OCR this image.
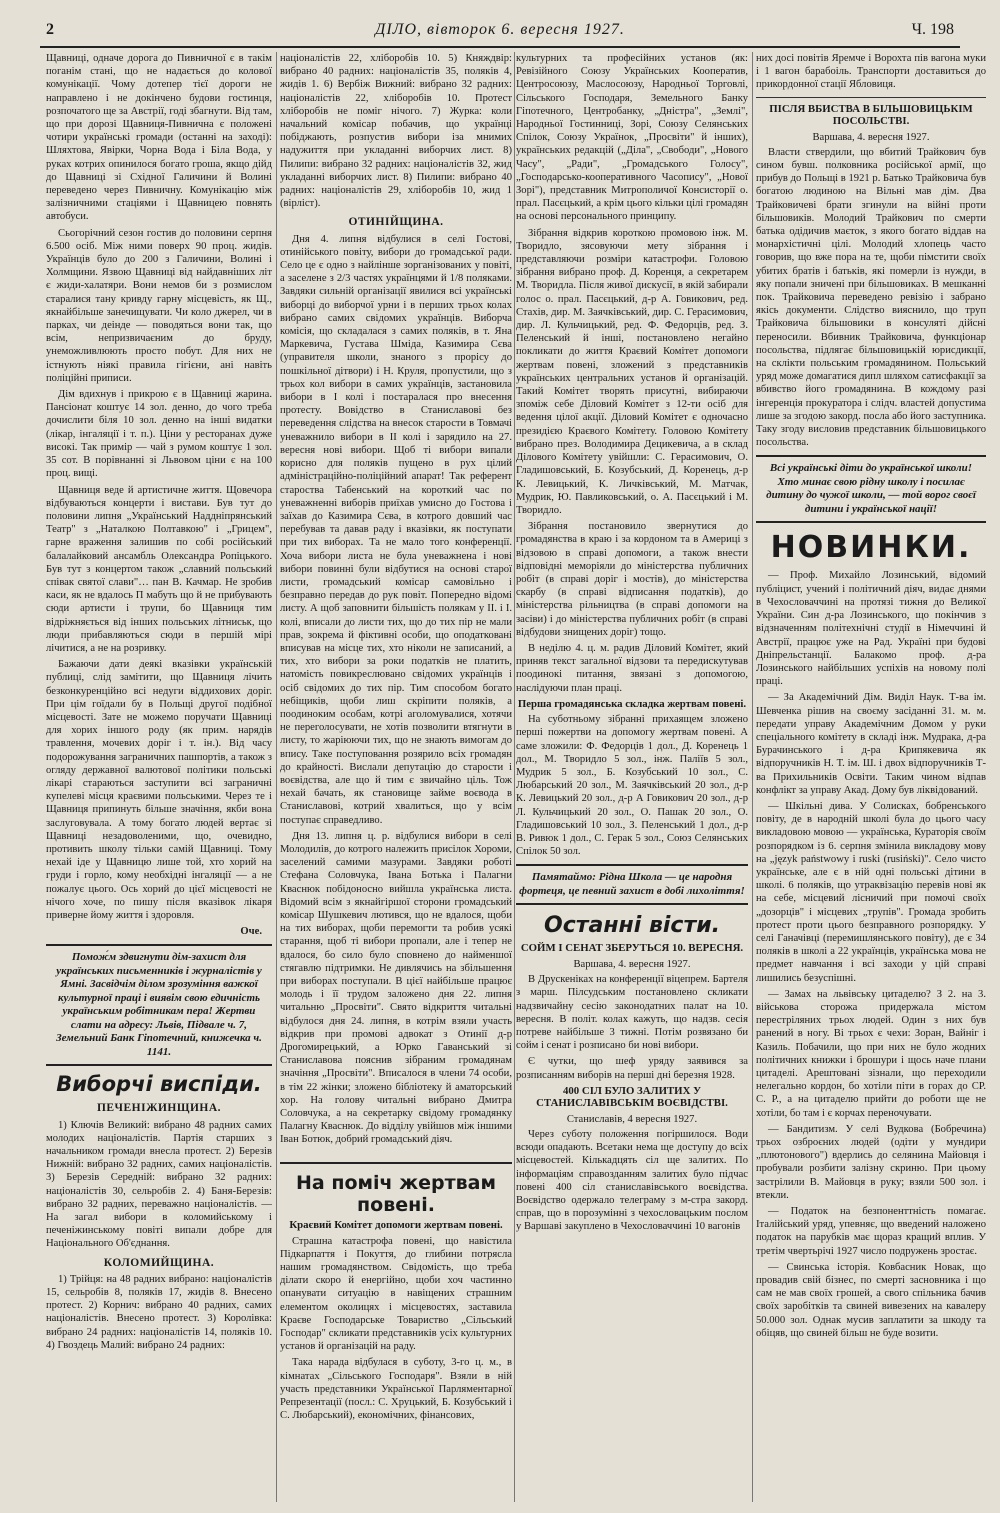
2	ДІЛО, вівторок 6. вересня 1927.	Ч. 198

Щавниці, одначе дорога до Пивничної є в такім поганім стані, що не надається до колової комунікації. Чому дотепер тієї дороги не направлено і не докінчено будови гостинця, розпочатого ще за Австрії, годі збагнути. Від там, що при дорозі Щавниця-Пивнична є положені чотири українські громади (останні на заході): Шляхтова, Явірки, Чорна Вода і Біла Вода, у руках котрих опинилося богато гроша, якщо дійд до Щавниці зі Східної Галичини й Волині переведено через Пивничну. Комунікацію між залізничними стаціями і Щавницею повнять автобуси.

Сьогорічний сезон гостив до половини серпня 6.500 осіб. Між ними поверх 90 проц. жидів. Українців було до 200 з Галичини, Волині і Холмщини. Язвою Щавниці від найдавніших літ є жиди-халатяри. Вони немов би з розмислом старалися тану кривду гарну місцевість, як Щ., якнайбільше занечищувати. Чи коло джерел, чи в парках, чи деінде — поводяться вони так, що всім, непризвичаєним до бруду, унеможливлюють просто побут. Для них не істнують ніякі правила гігієни, ані навіть поліційні приписи.

Дім вдихнув і прикрою є в Щавниці жарина. Пансіонат коштує 14 зол. денно, до чого треба дочислити біля 10 зол. денно на інші видатки (лікар, інгаляції і т. п.). Ціни у ресторанах дуже високі. Так примір — чай з румом коштує 1 зол. 35 сот. В порівнанні зі Львовом ціни є на 100 проц. вищі.

Щавниця веде й артистичне життя. Щовечора відбуваються концерти і вистави. Був тут до половини липня „Український Наддніпрянський Театр" з „Наталкою Полтавкою" і „Грицем", гарне враження залишив по собі російський балалайковий ансамбль Олександра Ропіцького. Був тут з концертом також „славний польський співак святої слави"… пан В. Качмар. Не зробив каси, як не вдалось П мабуть що й не прибувають сюди артисти і трупи, бо Щавниця тим відріжняється від інших польських літниськ, що люди прибавляються сюди в першій мірі лічитися, а не на розривку.

Бажаючи дати деякі вказівки українській публиці, слід замітити, що Щавниця лічить безконкуренційно всі недуги віддихових доріг. При цім гоїдали бу в Польщі другої подібної місцевості. Зате не можемо поручати Щавниці для хорих іншого роду (як прим. нарядів травлення, мочевих доріг і т. ін.). Від часу подорожування заграничних пашпортів, а також з огляду державної валютової політики польські лікарі стараються заступити всі заграничні купелеві місця краєвими польськими. Через те і Щавниця припинуть більше значіння, якби вона заслуговувала. А тому богато людей вертає зі Щавниці незадоволеними, що, очевидно, противить школу тільки самій Щавниці. Тому нехай іде у Щавницю лише той, хто хорий на груди і горло, кому необхідні інгаляції — а не пожалує цього. Ось хорий до цієї місцевості не нічого хоче, по пишу після вказівок лікаря приверне йому життя і здоровля.

Оче.
Помож́м здвигнути дім-захист для українських письменників і журналістів у Ямні. Засвідчім ділом зрозуміння важкої культурної праці і виявім свою едичність українським робітникам пера! Жертви слати на адресу: Львів, Підвале ч. 7, Земельний Банк Гіпотечний, книжечка ч. 1141.
Виборчі виспіди.
ПЕЧЕНІЖИНЩИНА.

1) Ключів Великий: вибрано 48 радних самих молодих націоналістів. Партія старших з начальником громади внесла протест. 2) Березів Нижній: вибрано 32 радних, самих націоналістів. 3) Березів Середній: вибрано 32 радних: націоналістів 30, сельробів 2. 4) Баня-Березів: вибрано 32 радних, переважно націоналістів. — На загал вибори в коломийському і печеніжинському повіті випали добре для Національного Об'єднання.

КОЛОМИЙЩИНА.

1) Трійця: на 48 радних вибрано: націоналістів 15, сельробів 8, поляків 17, жидів 8. Внесено протест. 2) Корнич: вибрано 40 радних, самих націоналістів. Внесено протест. 3) Королівка: вибрано 24 радних: націоналістів 14, поляків 10. 4) Гвоздець Малий: вибрано 24 радних:

націоналістів 22, хліборобів 10. 5) Княждвір: вибрано 40 радних: націоналістів 35, поляків 4, жидів 1. 6) Вербіж Вижний: вибрано 32 радних: націоналістів 22, хліборобів 10. Протест хліборобів не поміг нічого. 7) Журка: коли начальний комісар побачив, що українці побіджають, розпустив вибори іза мнимих надужиття при укладанні виборчих лист. 8) Пилипи: вибрано 32 радних: націоналістів 32, жид укладанні виборчих лист. 8) Пилипи: вибрано 40 радних: націоналістів 29, хліборобів 10, жид 1 (вірліст).

ОТИНІЙЩИНА.

Дня 4. липня відбулися в селі Гостові, отинійського повіту, вибори до громадської ради. Село це є одно з найлінше зорганізованих у повіті, а заселене з 2/3 частях українцями й 1/8 поляками. Завдяки сильній організації явилися всі українські виборці до виборчої урни і в перших трьох колах вибрано самих свідомих українців. Виборча комісія, що складалася з самих поляків, в т. Яна Маркевича, Густава Шміда, Казимира Сєва (управителя школи, знаного з прорісу до пошкільної дітвори) і Н. Круля, пропустили, що з трьох кол вибори в самих українців, застановила вибори в I колі і постаралася про внесення протесту. Вовідство в Станиславові без переведення слідства на внесок старости в Товмачі уневажнило вибори в II колі і зарядило на 27. вересня нові вибори. Щоб ті вибори випали корисно для поляків пущено в рух цілий адміністраційно-поліційний апарат! Так референт староства Табенський на короткий час по уневажненні виборів приїхав умисно до Гостова і заїхав до Казимира Сєва, в котрого довший час перебував та давав раду і вказівки, як поступати при тих виборах. Та не мало того конференції. Хоча вибори листа не була уневажнена і нові вибори повинні були відбутися на основі старої листи, громадський комісар самовільно і безправно передав до рук повіт. Попередно відомі листу. А щоб заповнити більшість полякам у II. і I. колі, вписали до листи тих, що до тих пір не мали прав, зокрема й фіктивні особи, що оподатковані вписував на місце тих, хто ніколи не записаний, а тих, хто вибори за роки податків не платить, натомість повикреслювано свідомих українців і осіб свідомих до тих пір. Тим способом богато небіщиків, щоби лиш скріпити поляків, а поодиноким особам, котрі аголомувалися, хотячи не переголосувати, не хотів позволити втягнути в листу, то жаріюючи тих, що не знають вимогам до впису. Таке поступовання розярило всіх громадян до крайності. Вислали депутацію до старости і воєвідства, але що й тим є звичайно ціль. Тож нехай бачать, як становище займе воєвода в Станиславові, котрий хвалиться, що у всім поступає справедливо.

Дня 13. липня ц. р. відбулися вибори в селі Молодилів, до котрого належить присілок Хороми, заселений самими мазурами. Завдяки роботі Стефана Соловчука, Івана Ботька і Палагни Кваснюк побідоносно вийшла українська листа. Відомий всім з якнайгіршої сторони громадський комісар Шушкевич лютився, що не вдалося, щоби на тих виборах, щоби перемогти та робив усякі старання, щоб ті вибори пропали, але і тепер не вдалося, бо сило було сповнено до найменшої стягавлю підтримки. Не дивлячись на збільшення при виборах поступали. В цієї найбільше працює молодь і її трудом заложено дня 22. липня читальню „Просвіти". Свято відкриття читальні відбулося дня 24. липня, в котрім взяли участь відкрив при промові адвокат з Отинії д-р Дрогомирецький, а Юрко Гаванський зі Станиславова пояснив зібраним громадянам значіння „Просвіти". Вписалося в члени 74 особи, в тім 22 жінки; зложено бібліотеку й аматорський хор. На голову читальні вибрано Дмитра Соловчука, а на секретарку свідому громадянку Палагну Кваснюк. До відділу увійшов між іншими Іван Ботюк, добрий громадський діяч.

На поміч жертвам повені.
Краєвий Комітет допомоги жертвам повені.

Страшна катастрофа повені, що навістила Підкарпаття і Покуття, до глибини потрясла нашим громадянством. Свідомість, що треба ділати скоро й енергійно, щоби хоч частинно опанувати ситуацію в навіщених страшним елементом околицях і місцевостях, заставила Краєве Господарське Товариство „Сільський Господар" скликати представників усіх культурних установ й організацій на раду.

Така нарада відбулася в суботу, 3-го ц. м., в кімнатах „Сільського Господаря". Взяли в ній участь представники Української Парляментарної Репрезентації (посл.: С. Хруцький, Б. Козубський і С. Любарський), економічних, фінансових,

культурних та професійних установ (як: Ревізійного Союзу Українських Кооператив, Центросоюзу, Маслосоюзу, Народньої Торговлі, Сільського Господаря, Земельного Банку Гіпотечного, Центробанку, „Дністра", „Землі", Народньої Гостинниці, Зорі, Союзу Селянських Спілок, Союзу Українок, „Просвіти" й інших), українських редакцій („Діла", „Свободи", „Нового Часу", „Ради", „Громадського Голосу", „Господарсько-кооперативного Часопису", „Нової Зорі"), представник Митрополичої Консисторії о. прал. Пасєцький, а крім цього кільки цілі громадян на основі персонального принципу.

Зібрання відкрив короткою промовою інж. М. Творидло, зясовуючи мету зібрання і представляючи розміри катастрофи. Головою зібрання вибрано проф. Д. Коренця, а секретарем М. Творидла. Після живої дискусії, в якій забирали голос о. прал. Пасєцький, д-р А. Говикович, ред. Стахів, дир. М. Заячківський, дир. С. Герасимович, дир. Л. Кульчицький, ред. Ф. Федорців, ред. З. Пеленський й інші, постановлено негайно покликати до життя Краєвий Комітет допомоги жертвам повені, зложений з представників українських центральних установ й організацій. Такий Комітет творять присутні, вибираючи зпоміж себе Діловий Комітет з 12-ти осіб для ведення цілої акції. Діловий Комітет є одночасно президією Краєвого Комітету. Головою Комітету вибрано през. Володимира Децикевича, а в склад Ділового Комітету увійшли: С. Герасимович, О. Гладишовський, Б. Козубський, Д. Коренець, д-р К. Левицький, К. Личківський, М. Матчак, Мудрик, Ю. Павликовський, о. А. Пасєцький і М. Творидло.

Зібрання постановило звернутися до громадянства в краю і за кордоном та в Америці з відзовою в справі допомоги, а також внести відповідні меморіяли до міністерства публичних робіт (в справі доріг і мостів), до міністерства скарбу (в справі відписання податків), до міністерства рільництва (в справі допомоги на засіви) і до міністерства публичних робіт (в справі відбудови знищених доріг) тощо.

В неділю 4. ц. м. радив Діловий Комітет, який приняв текст загальної відзови та передискутував поодинокі питання, звязані з допомогою, наслідуючи план праці.

Перша громадянська складка жертвам повені.

На суботньому зібранні прихаящем зложено перші пожертви на допомогу жертвам повені. А саме зложили: Ф. Федорців 1 дол., Д. Коренець 1 дол., М. Творидло 5 зол., інж. Паліїв 5 зол., Мудрик 5 зол., Б. Козубський 10 зол., С. Любарський 20 зол., М. Заячківський 20 зол., д-р К. Левицький 20 зол., д-р А Говикович 20 зол., д-р Л. Кульчицький 20 зол., О. Пашак 20 зол., О. Гладишовський 10 зол., З. Пеленський 1 дол., д-р В. Ривюк 1 дол., С. Герак 5 зол., Союз Селянських Спілок 50 зол.

Памятаймо: Рідна Школа — це народня фортеця, це певний захист в добі лихоліття!
Останні вісти.
СОЙМ І СЕНАТ ЗБЕРУТЬСЯ 10. ВЕРЕСНЯ.
Варшава, 4. вересня 1927.

В Друскеніках на конференції віцепрем. Бартеля з марш. Пілсудським постановлено скликати надзвичайну сесію законодатних палат на 10. вересня. В політ. колах кажуть, що надзв. сесія потреве найбільше 3 тижні. Потім розвязано би сойм і сенат і розписано би нові вибори.

Є чутки, що шеф уряду заявився за розписанням виборів на перші дні березня 1928.

400 СІЛ БУЛО ЗАЛИТИХ У СТАНИСЛАВІВСЬКІМ ВОЄВІДСТВІ.
Станиславів, 4 вересня 1927.

Через суботу положення погіршилося. Води всюди опадають. Всетаки нема ще доступу до всіх місцевостей. Кількадцять сіл ще залитих. По інформаціям справозданням залитих було підчас повені 400 сіл станиславівського воєвідства. Воєвідство одержало телеграму з м-стра закорд. справ, що в порозумінні з чехословацьким послом у Варшаві закуплено в Чехословаччині 10 вагонів

них досі повітів Яремче і Ворохта пів вагона муки і 1 вагон барабоіль. Транспорти доставиться до прикордонної стації Ябловиця.

ПІСЛЯ ВБИСТВА В БІЛЬШОВИЦЬКІМ ПОСОЛЬСТВІ.
Варшава, 4. вересня 1927.

Власти ствердили, що вбитий Трайкович був сином бувш. полковника російської армії, що прибув до Польщі в 1921 р. Батько Трайковича був богатою людиною на Вільні мав дім. Два Трайковичеві брати згинули на війні проти більшовиків. Молодий Трайкович по смерти батька одідичив маєток, з якого богато віддав на монархістичні цілі. Молодий хлопець часто говорив, що вже пора на те, щоби пімстити своїх убитих братів і батьків, які померли із нужди, в яку попали зничені при більшовиках. В мешканні пок. Трайковича переведено ревізію і забрано якісь документи. Слідство вияснило, що труп Трайковича більшовики в консуляті дійсні переносили. Вбивник Трайковича, функціонар посольства, підлягає більшовицькій юрисдикції, на склікти польським громадянином. Польський уряд може домагатися дипл шляхом сатисфакції за вбивство його громадянина. В кождому разі інгеренція прокуратора і слідч. властей допустима лише за згодою закорд. посла або його заступника. Таку згоду висловив представник більшовицького посольства.

Всі українські діти до української школи! Хто минає свою рідну школу і посилає дитину до чужої школи, — той ворог своєї дитини і української нації!
НОВИНКИ.

— Проф. Михайло Лозинський, відомий публіцист, учений і політичний діяч, видає днями в Чехословаччині на протязі тижня до Великої України. Син д-ра Лозинського, що покінчив з відзначенням політехнічні студії в Німеччині й Австрії, працює уже на Рад. Україні при будові Дніпрельстанції. Балакомо проф. д-ра Лозинського найбільших успіхів на новому полі праці.

— За Академічний Дім. Виділ Наук. Т-ва ім. Шевченка рішив на своєму засіданні 31. м. м. передати управу Академічним Домом у руки спеціального комітету в складі інж. Мудрака, д-ра Бурачинського і д-ра Крипякевича як відпоручників Н. Т. ім. Ш. і двох відпоручників Т-ва Прихильників Освіти. Таким чином відпав конфлікт за управу Акад. Дому був ліквідований.

— Шкільні дива. У Солисках, бобренського повіту, де в народній школі була до цього часу викладовою мовою — українська, Кураторія своїм розпорядком із 6. серпня змінила викладову мову на „język państwowy i ruski (rusiński)". Село чисто українське, але є в ній одні польські дітини в школі. 6 поляків, що утраквізацію перевів нові як на себе, місцевий лісничий при помочі своїх „дозорців" і місцевих „трупів". Громада зробить протест проти цього безправного розпорядку. У селі Ганачівці (перемишлянського повіту), де є 34 поляків в школі а 22 українців, українська мова не предмет навчання і всі заходи у цій справі лишились безуспішні.

— Замах на львівську цитаделю? З 2. на 3. військова сторожа придержала містом перестріляних трьох людей. Один з них був ранений в ногу. Ві трьох є чехи: Зоран, Вайніг і Казиль. Побачили, що при них не було жодних політичних книжки і брошури і щось наче плани цитаделі. Арештовані зізнали, що переходили нелегально кордон, бо хотіли піти в горах до СР. С. Р., а на цитаделю прийти до роботи ще не хотіли, бо там і є корчах переночувати.

— Бандитизм. У селі Вудкова (Бобречина) трьох озброєних людей (одіти у мундири „плютонового") вдерлись до селянина Майовця і пробували розбити залізну скриню. При цьому застрілили В. Майовця в руку; взяли 500 зол. і втекли.

— Податок на безпоненттність помагає. Італійський уряд, упевняє, що введений наложено податок на парубків має щораз кращий вплив. У третім чвертьрічі 1927 число подружень зростає.

— Свинська історія. Ковбасник Новак, що провадив свій бізнес, по смерті засновника і що сам не мав своїх грошей, а свого спільника бачив своїх заробітків та свиней вивезених на кавалеру 50.000 зол. Однак мусив заплатити за шкоду та обіцяв, що свиней більш не буде возити.
